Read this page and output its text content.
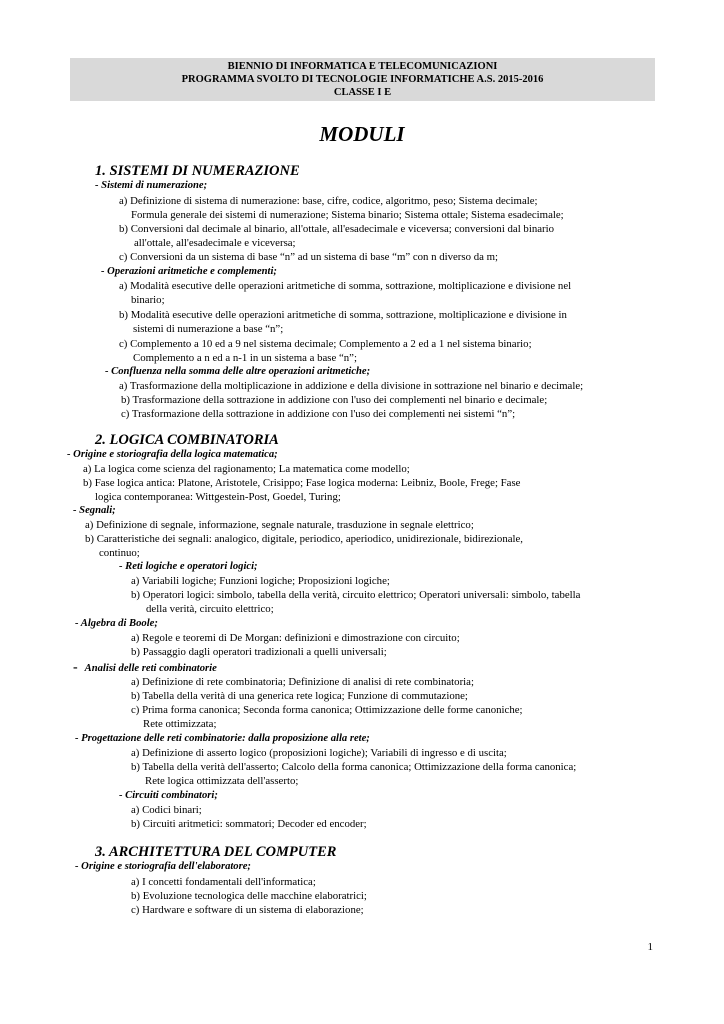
BIENNIO DI INFORMATICA E TELECOMUNICAZIONI
PROGRAMMA SVOLTO DI TECNOLOGIE INFORMATICHE A.S. 2015-2016
CLASSE I E
MODULI
1. SISTEMI DI NUMERAZIONE
- Sistemi di numerazione;
a) Definizione di sistema di numerazione: base, cifre, codice, algoritmo, peso; Sistema decimale;
Formula generale dei sistemi di numerazione; Sistema binario; Sistema ottale; Sistema esadecimale;
b) Conversioni dal decimale al binario, all'ottale, all'esadecimale e viceversa; conversioni dal binario
all'ottale, all'esadecimale e viceversa;
c) Conversioni da un sistema di base “n” ad un sistema di base “m” con n diverso da m;
- Operazioni aritmetiche e complementi;
a) Modalità esecutive delle operazioni aritmetiche di somma, sottrazione, moltiplicazione e divisione nel
binario;
b) Modalità esecutive delle operazioni aritmetiche di somma, sottrazione, moltiplicazione e divisione in
sistemi di numerazione a base “n”;
c) Complemento a 10 ed a 9 nel sistema decimale; Complemento a 2 ed a 1 nel sistema binario;
Complemento a n ed a n-1 in un sistema a base “n”;
- Confluenza nella somma delle altre operazioni aritmetiche;
a) Trasformazione della moltiplicazione in addizione e della divisione in sottrazione nel binario e decimale;
b) Trasformazione della sottrazione in addizione con l'uso dei complementi nel binario e decimale;
c) Trasformazione della sottrazione in addizione con l'uso dei complementi nei sistemi “n”;
2. LOGICA COMBINATORIA
- Origine e storiografia della logica matematica;
a) La logica come scienza del ragionamento; La matematica come modello;
b) Fase logica antica: Platone, Aristotele, Crisippo; Fase logica moderna: Leibniz, Boole, Frege; Fase
logica contemporanea: Wittgestein-Post, Goedel, Turing;
- Segnali;
a) Definizione di segnale, informazione, segnale naturale, trasduzione in segnale elettrico;
b) Caratteristiche dei segnali: analogico, digitale, periodico, aperiodico, unidirezionale, bidirezionale,
continuo;
- Reti logiche e operatori logici;
a) Variabili logiche; Funzioni logiche; Proposizioni logiche;
b) Operatori logici: simbolo, tabella della verità, circuito elettrico; Operatori universali: simbolo, tabella
della verità, circuito elettrico;
- Algebra di Boole;
a) Regole e teoremi di De Morgan: definizioni e dimostrazione con circuito;
b) Passaggio dagli operatori tradizionali a quelli universali;
- Analisi delle reti combinatorie
a) Definizione di rete combinatoria; Definizione di analisi di rete combinatoria;
b) Tabella della verità di una generica rete logica; Funzione di commutazione;
c) Prima forma canonica; Seconda forma canonica; Ottimizzazione delle forme canoniche;
Rete ottimizzata;
- Progettazione delle reti combinatorie: dalla proposizione alla rete;
a) Definizione di asserto logico (proposizioni logiche); Variabili di ingresso e di uscita;
b) Tabella della verità dell'asserto; Calcolo della forma canonica; Ottimizzazione della forma canonica;
Rete logica ottimizzata dell'asserto;
- Circuiti combinatori;
a) Codici binari;
b) Circuiti aritmetici: sommatori; Decoder ed encoder;
3. ARCHITETTURA DEL COMPUTER
- Origine e storiografia dell'elaboratore;
a) I concetti fondamentali dell'informatica;
b) Evoluzione tecnologica delle macchine elaboratrici;
c) Hardware e software di un sistema di elaborazione;
1
